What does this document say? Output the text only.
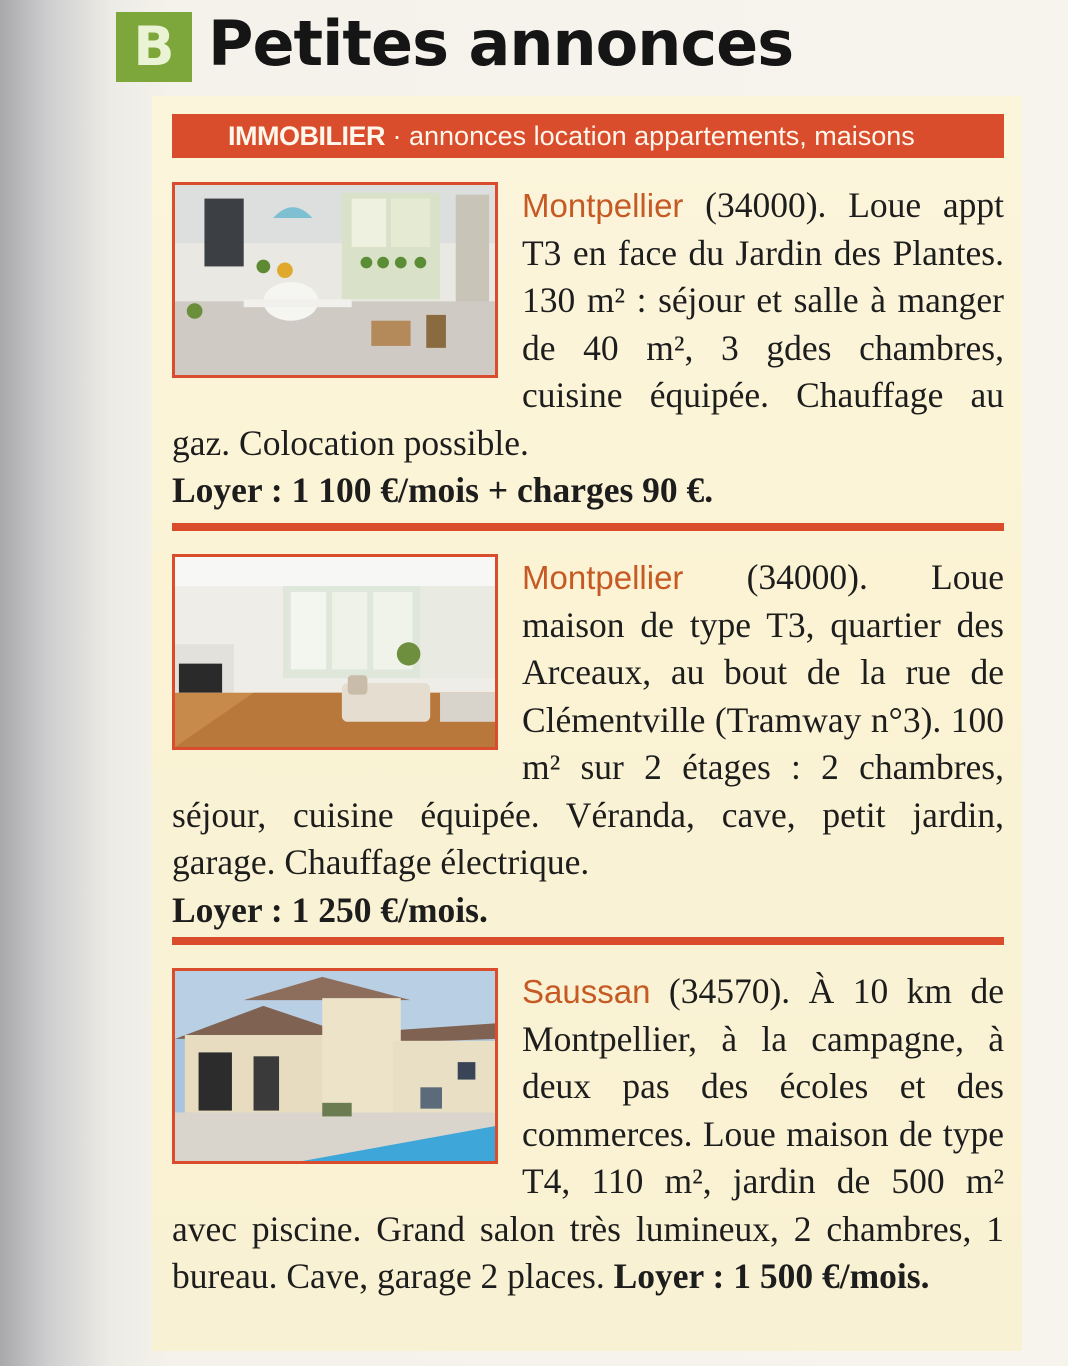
B Petites annonces
IMMOBILIER · annonces location appartements, maisons
Montpellier (34000). Loue appt T3 en face du Jardin des Plantes. 130 m² : séjour et salle à manger de 40 m², 3 gdes chambres, cuisine équipée. Chauffage au gaz. Colocation possible.
Loyer : 1 100 €/mois + charges 90 €.
Montpellier (34000). Loue maison de type T3, quartier des Arceaux, au bout de la rue de Clémentville (Tramway n°3). 100 m² sur 2 étages : 2 chambres, séjour, cuisine équipée. Véranda, cave, petit jardin, garage. Chauffage électrique.
Loyer : 1 250 €/mois.
Saussan (34570). À 10 km de Montpellier, à la campagne, à deux pas des écoles et des commerces. Loue maison de type T4, 110 m², jardin de 500 m² avec piscine. Grand salon très lumineux, 2 chambres, 1 bureau. Cave, garage 2 places. Loyer : 1 500 €/mois.
